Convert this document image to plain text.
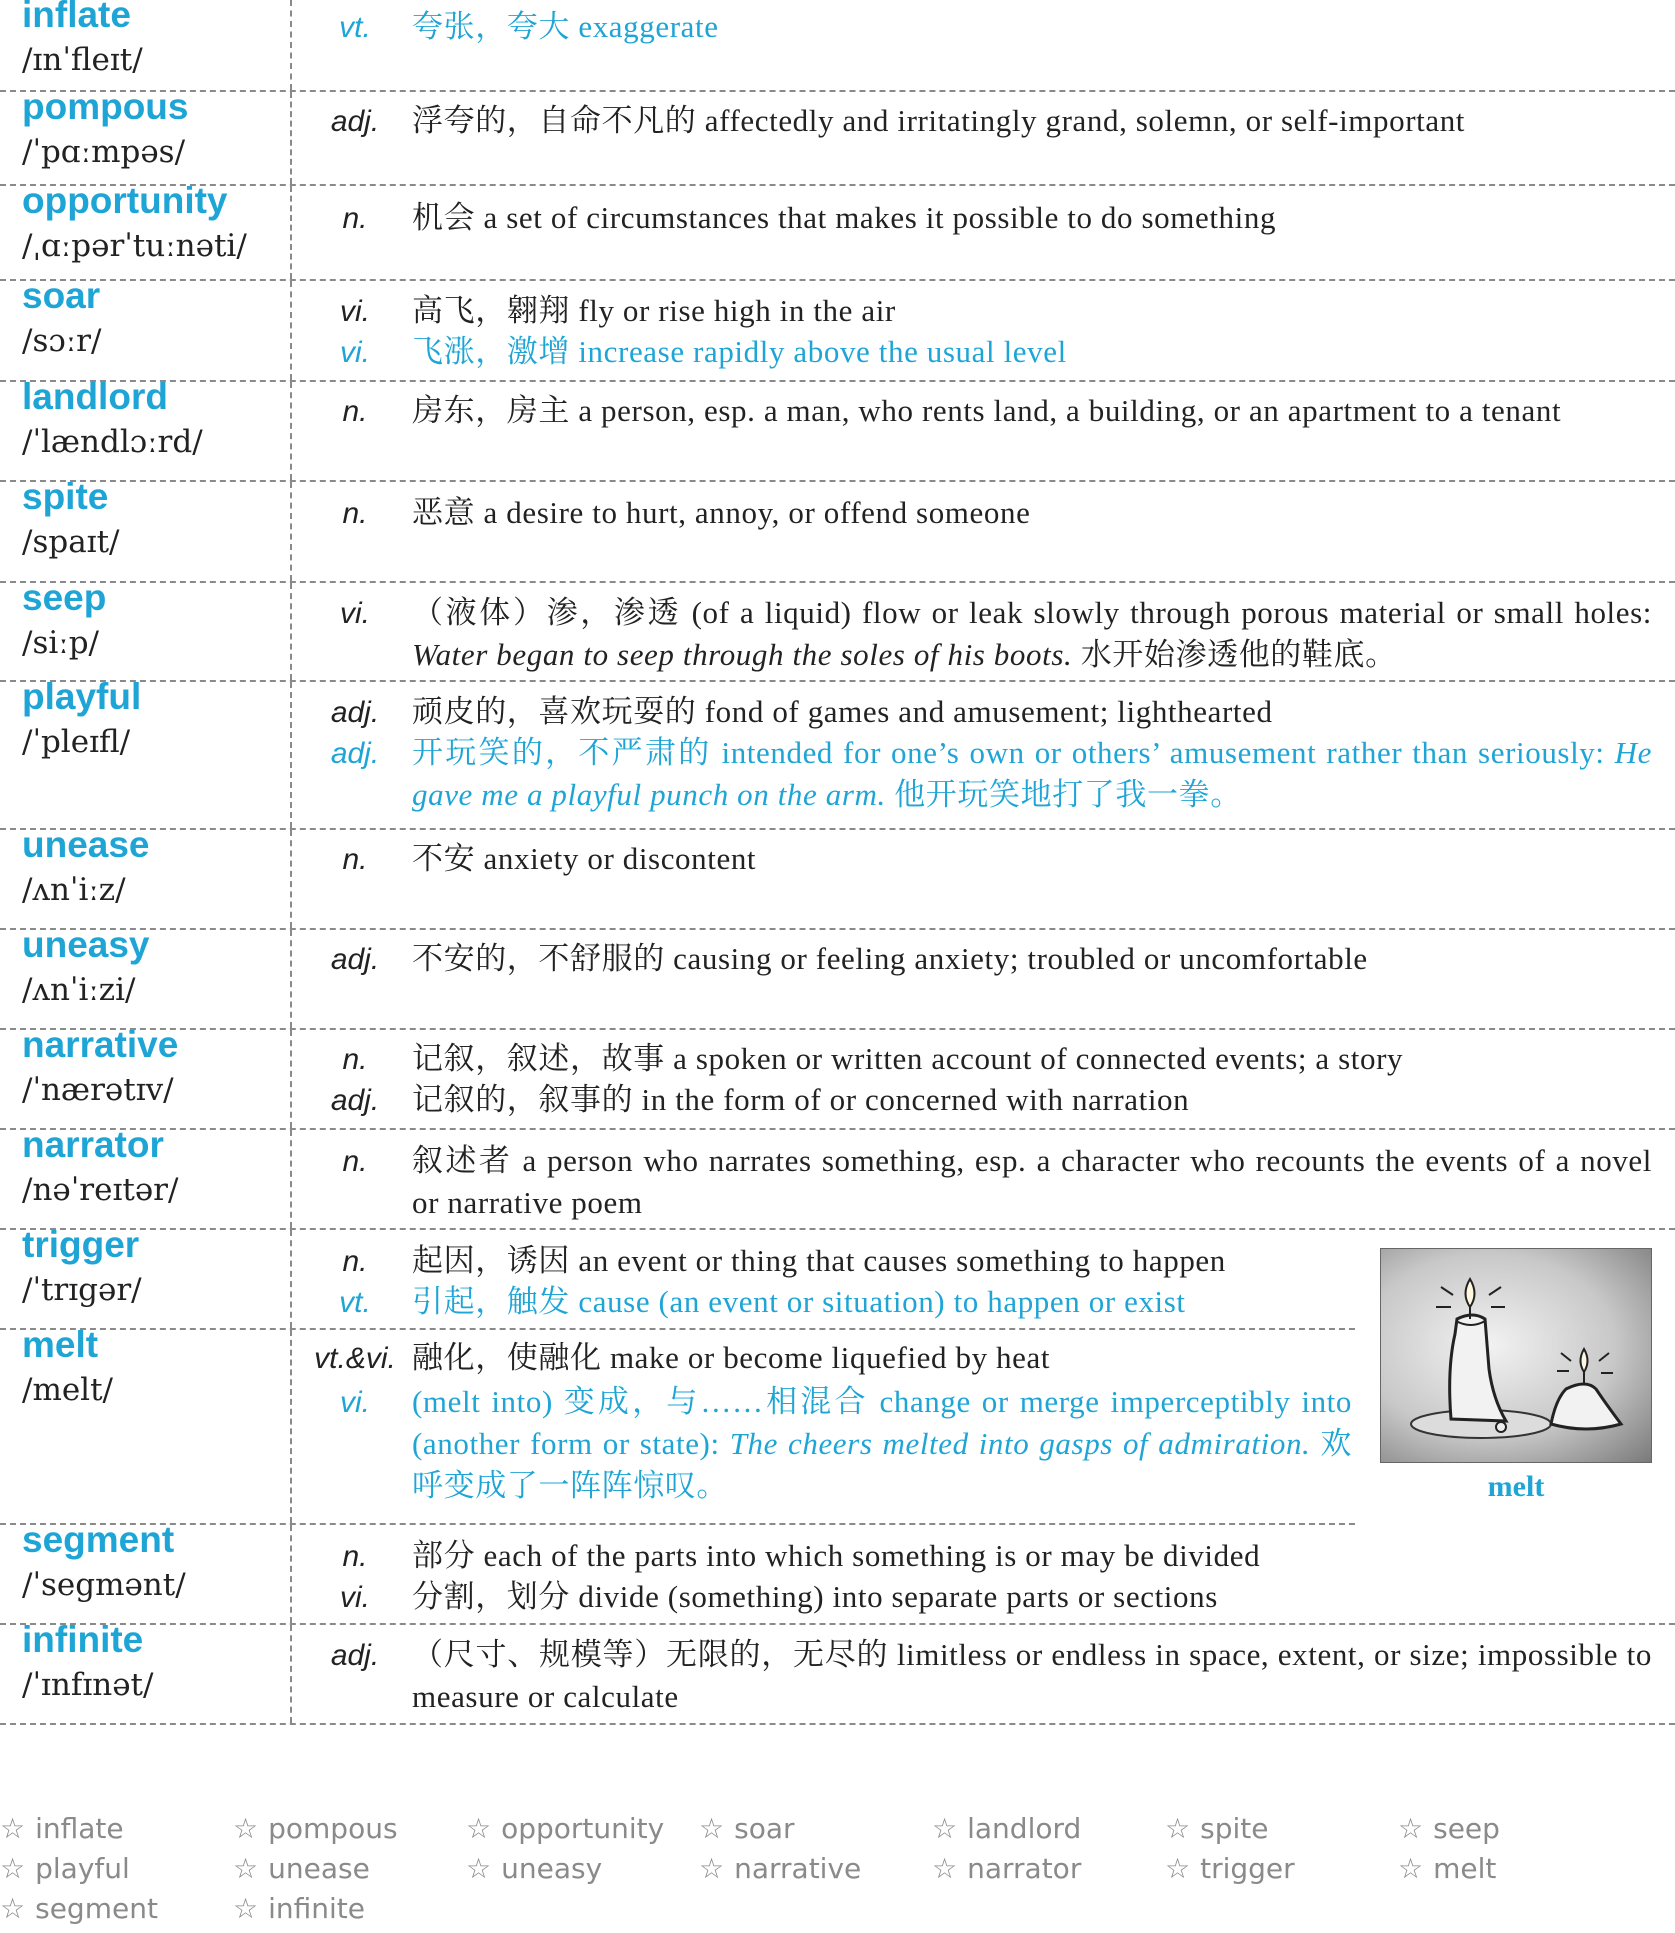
inflate
/ɪnˈfleɪt/
vt.	夸张，夸大 exaggerate
pompous
/ˈpɑːmpəs/
adj.	浮夸的，自命不凡的 affectedly and irritatingly grand, solemn, or self-important
opportunity
/ˌɑːpərˈtuːnəti/
n.	机会 a set of circumstances that makes it possible to do something
soar
/sɔːr/
vi.	高飞，翱翔 fly or rise high in the air
vi.	飞涨，激增 increase rapidly above the usual level
landlord
/ˈlændlɔːrd/
n.	房东，房主 a person, esp. a man, who rents land, a building, or an apartment to a tenant
spite
/spaɪt/
n.	恶意 a desire to hurt, annoy, or offend someone
seep
/siːp/
vi.	（液体）渗，渗透 (of a liquid) flow or leak slowly through porous material or small holes: Water began to seep through the soles of his boots. 水开始渗透他的鞋底。
playful
/ˈpleɪfl/
adj.	顽皮的，喜欢玩耍的 fond of games and amusement; lighthearted
adj.	开玩笑的，不严肃的 intended for one’s own or others’ amusement rather than seriously: He gave me a playful punch on the arm. 他开玩笑地打了我一拳。
unease
/ʌnˈiːz/
n.	不安 anxiety or discontent
uneasy
/ʌnˈiːzi/
adj.	不安的，不舒服的 causing or feeling anxiety; troubled or uncomfortable
narrative
/ˈnærətɪv/
n.	记叙，叙述，故事 a spoken or written account of connected events; a story
adj.	记叙的，叙事的 in the form of or concerned with narration
narrator
/nəˈreɪtər/
n.	叙述者 a person who narrates something, esp. a character who recounts the events of a novel or narrative poem
trigger
/ˈtrɪgər/
n.	起因，诱因 an event or thing that causes something to happen
vt.	引起，触发 cause (an event or situation) to happen or exist
melt
/melt/
vt.&vi. 融化，使融化 make or become liquefied by heat
vi.	(melt into) 变成，与……相混合 change or merge imperceptibly into (another form or state): The cheers melted into gasps of admiration. 欢呼变成了一阵阵惊叹。
segment
/ˈsegmənt/
n.	部分 each of the parts into which something is or may be divided
vi.	分割，划分 divide (something) into separate parts or sections
infinite
/ˈɪnfɪnət/
adj.	（尺寸、规模等）无限的，无尽的 limitless or endless in space, extent, or size; impossible to measure or calculate
melt
☆ inflate	☆ pompous ☆ opportunity ☆ soar	☆ landlord	☆ spite	☆ seep
☆ playful	☆ unease	☆ uneasy	☆ narrative	☆ narrator	☆ trigger	☆ melt
☆ segment	☆ infinite
